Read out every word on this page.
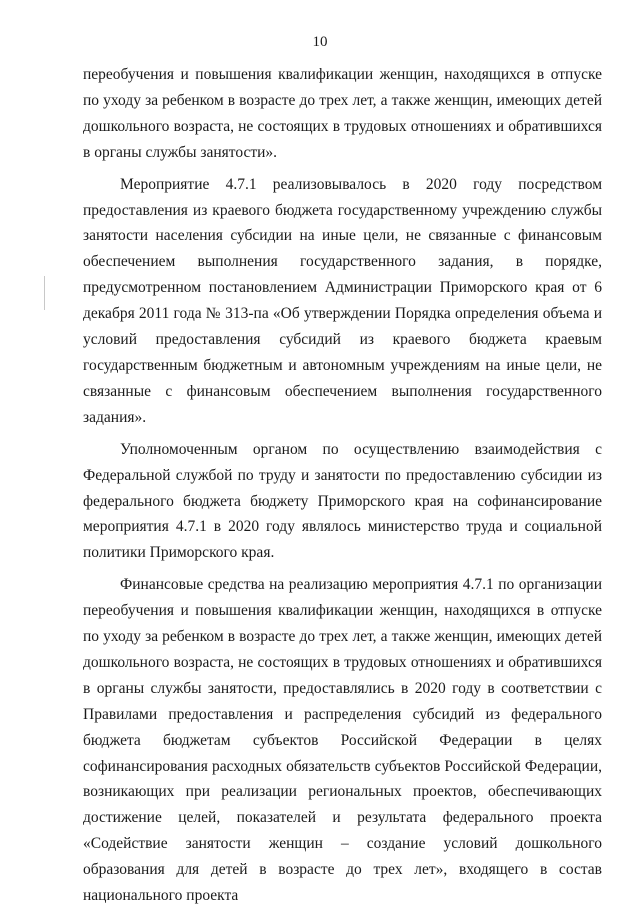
10

переобучения и повышения квалификации женщин, находящихся в отпуске по уходу за ребенком в возрасте до трех лет, а также женщин, имеющих детей дошкольного возраста, не состоящих в трудовых отношениях и обратившихся в органы службы занятости».

Мероприятие 4.7.1 реализовывалось в 2020 году посредством предоставления из краевого бюджета государственному учреждению службы занятости населения субсидии на иные цели, не связанные с финансовым обеспечением выполнения государственного задания, в порядке, предусмотренном постановлением Администрации Приморского края от 6 декабря 2011 года № 313-па «Об утверждении Порядка определения объема и условий предоставления субсидий из краевого бюджета краевым государственным бюджетным и автономным учреждениям на иные цели, не связанные с финансовым обеспечением выполнения государственного задания».

Уполномоченным органом по осуществлению взаимодействия с Федеральной службой по труду и занятости по предоставлению субсидии из федерального бюджета бюджету Приморского края на софинансирование мероприятия 4.7.1 в 2020 году являлось министерство труда и социальной политики Приморского края.

Финансовые средства на реализацию мероприятия 4.7.1 по организации переобучения и повышения квалификации женщин, находящихся в отпуске по уходу за ребенком в возрасте до трех лет, а также женщин, имеющих детей дошкольного возраста, не состоящих в трудовых отношениях и обратившихся в органы службы занятости, предоставлялись в 2020 году в соответствии с Правилами предоставления и распределения субсидий из федерального бюджета бюджетам субъектов Российской Федерации в целях софинансирования расходных обязательств субъектов Российской Федерации, возникающих при реализации региональных проектов, обеспечивающих достижение целей, показателей и результата федерального проекта «Содействие занятости женщин – создание условий дошкольного образования для детей в возрасте до трех лет», входящего в состав национального проекта
